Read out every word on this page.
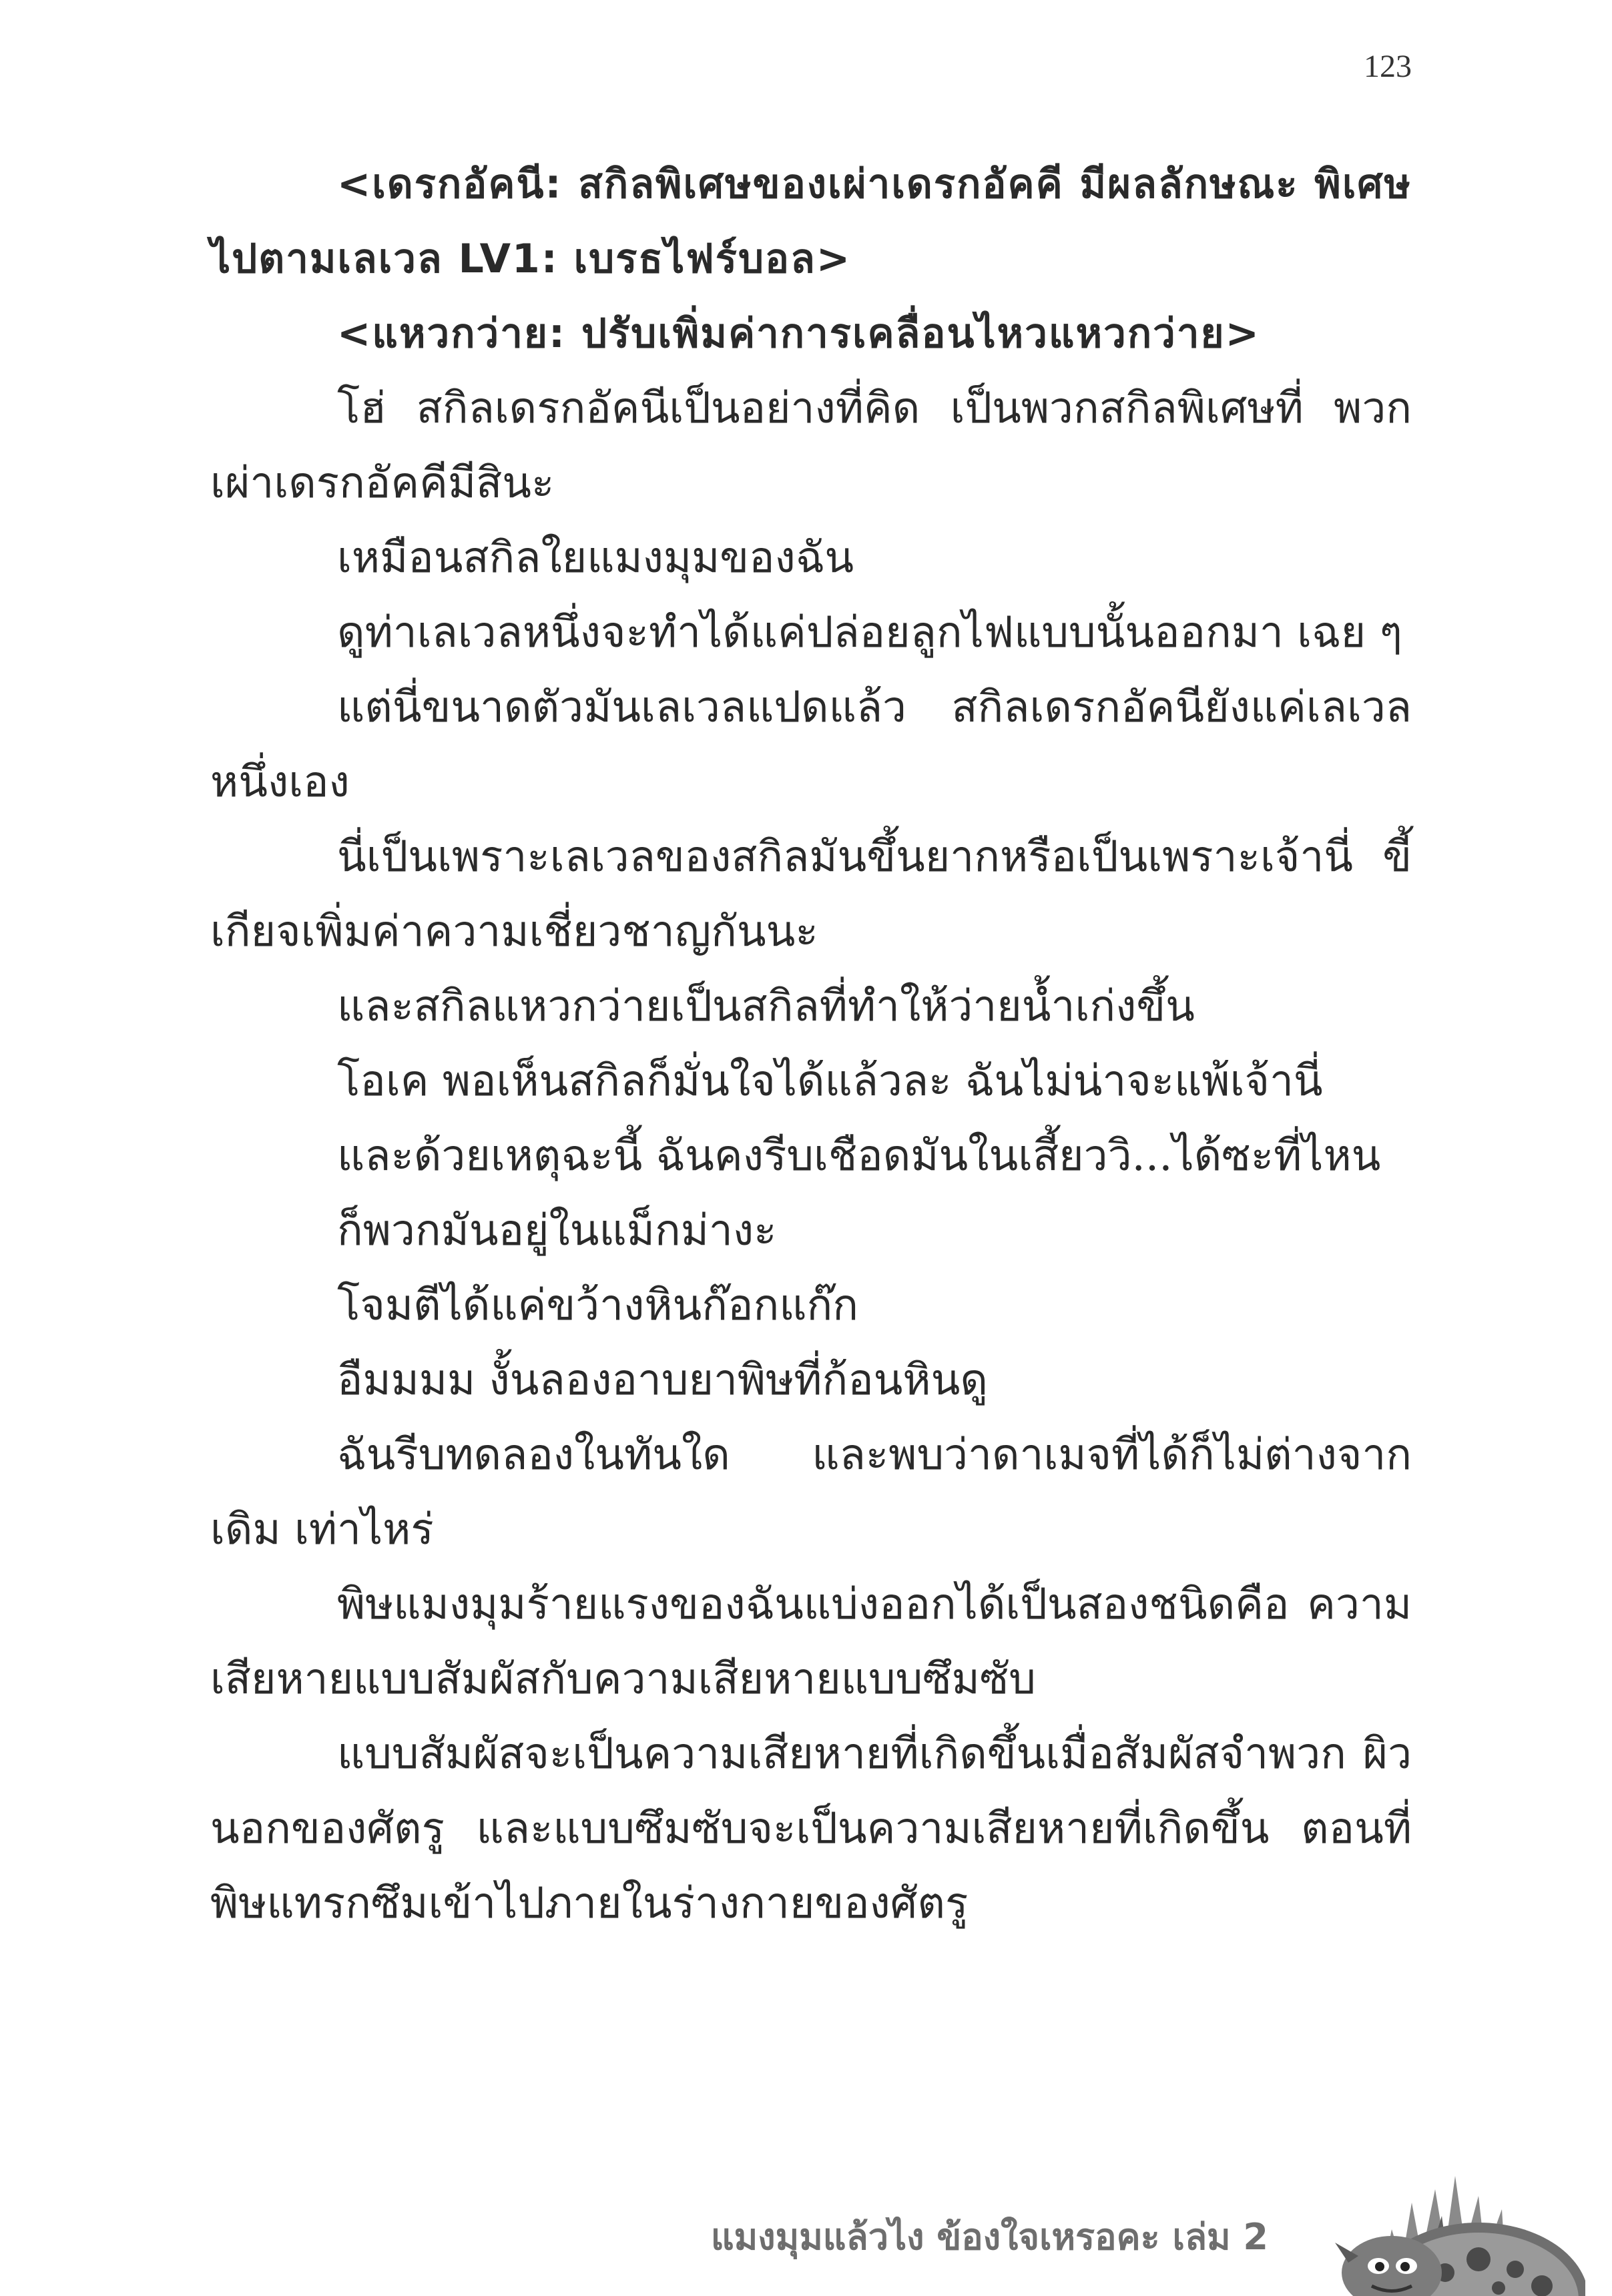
123

<เดรกอัคนี: สกิลพิเศษของเผ่าเดรกอัคคี มีผลลักษณะ พิเศษไปตามเลเวล LV1: เบรธไฟร์บอล>

<แหวกว่าย: ปรับเพิ่มค่าการเคลื่อนไหวแหวกว่าย>

โฮ่ สกิลเดรกอัคนีเป็นอย่างที่คิด เป็นพวกสกิลพิเศษที่ พวกเผ่าเดรกอัคคีมีสินะ

เหมือนสกิลใยแมงมุมของฉัน

ดูท่าเลเวลหนึ่งจะทำได้แค่ปล่อยลูกไฟแบบนั้นออกมา เฉย ๆ

แต่นี่ขนาดตัวมันเลเวลแปดแล้ว สกิลเดรกอัคนียังแค่เลเวล หนึ่งเอง

นี่เป็นเพราะเลเวลของสกิลมันขึ้นยากหรือเป็นเพราะเจ้านี่ ขี้เกียจเพิ่มค่าความเชี่ยวชาญกันนะ

และสกิลแหวกว่ายเป็นสกิลที่ทำให้ว่ายน้ำเก่งขึ้น

โอเค พอเห็นสกิลก็มั่นใจได้แล้วละ ฉันไม่น่าจะแพ้เจ้านี่

และด้วยเหตุฉะนี้ ฉันคงรีบเชือดมันในเสี้ยววิ...ได้ซะที่ไหน

ก็พวกมันอยู่ในแม็กม่างะ

โจมตีได้แค่ขว้างหินก๊อกแก๊ก

อืมมมม งั้นลองอาบยาพิษที่ก้อนหินดู

ฉันรีบทดลองในทันใด และพบว่าดาเมจที่ได้ก็ไม่ต่างจากเดิม เท่าไหร่

พิษแมงมุมร้ายแรงของฉันแบ่งออกได้เป็นสองชนิดคือ ความ เสียหายแบบสัมผัสกับความเสียหายแบบซึมซับ

แบบสัมผัสจะเป็นความเสียหายที่เกิดขึ้นเมื่อสัมผัสจำพวก ผิวนอกของศัตรู และแบบซึมซับจะเป็นความเสียหายที่เกิดขึ้น ตอนที่พิษแทรกซึมเข้าไปภายในร่างกายของศัตรู

แมงมุมแล้วไง ข้องใจเหรอคะ เล่ม 2
